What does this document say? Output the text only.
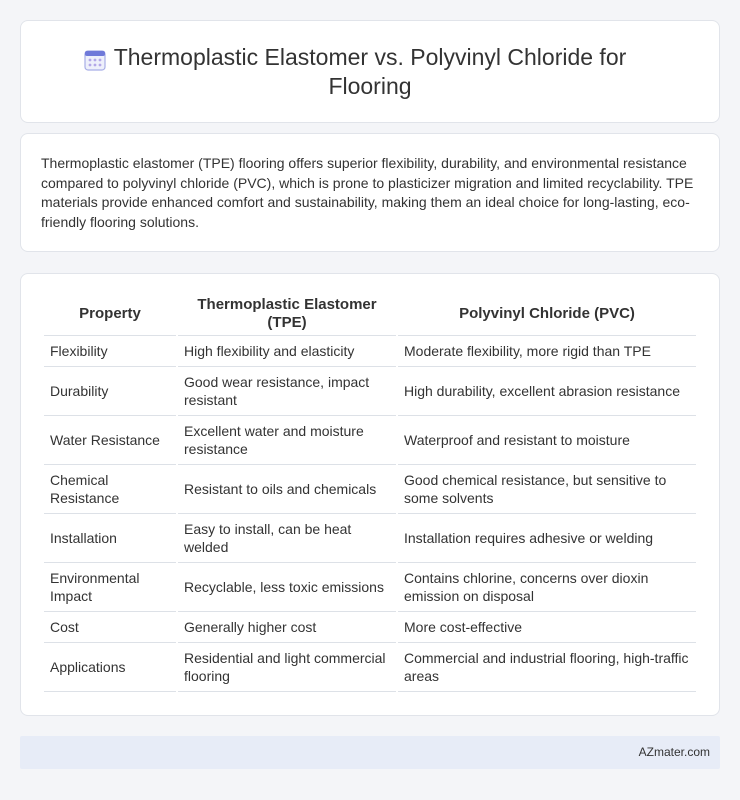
Thermoplastic Elastomer vs. Polyvinyl Chloride for Flooring

Thermoplastic elastomer (TPE) flooring offers superior flexibility, durability, and environmental resistance compared to polyvinyl chloride (PVC), which is prone to plasticizer migration and limited recyclability. TPE materials provide enhanced comfort and sustainability, making them an ideal choice for long-lasting, eco-friendly flooring solutions.

Property	Thermoplastic Elastomer (TPE)	Polyvinyl Chloride (PVC)
Flexibility	High flexibility and elasticity	Moderate flexibility, more rigid than TPE
Durability	Good wear resistance, impact resistant	High durability, excellent abrasion resistance
Water Resistance	Excellent water and moisture resistance	Waterproof and resistant to moisture
Chemical Resistance	Resistant to oils and chemicals	Good chemical resistance, but sensitive to some solvents
Installation	Easy to install, can be heat welded	Installation requires adhesive or welding
Environmental Impact	Recyclable, less toxic emissions	Contains chlorine, concerns over dioxin emission on disposal
Cost	Generally higher cost	More cost-effective
Applications	Residential and light commercial flooring	Commercial and industrial flooring, high-traffic areas
AZmater.com
